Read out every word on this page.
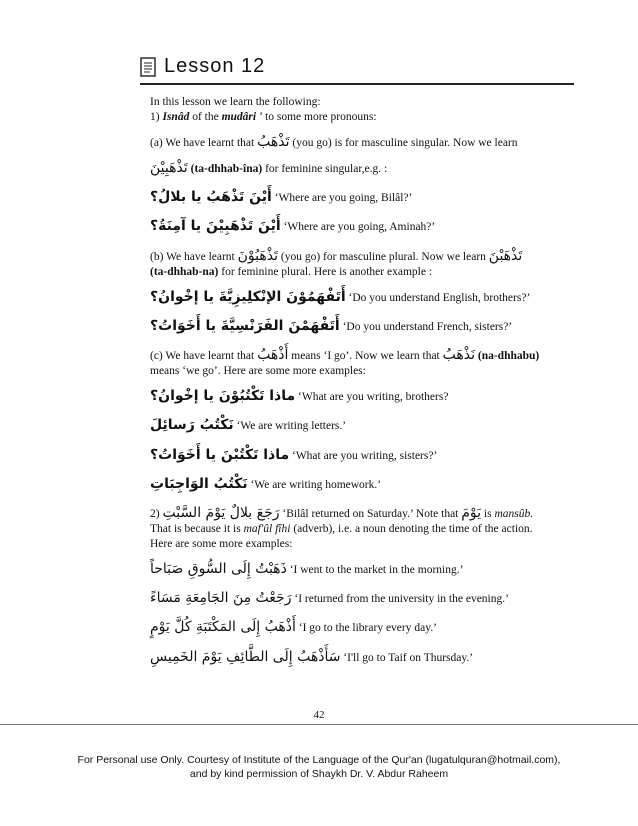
Lesson 12

In this lesson we learn the following:

1) Isnâd of the mudâri ' to some more pronouns:

(a) We have learnt that تَذْهَبُ (you go) is for masculine singular. Now we learn

تَذْهَبِيْنَ (ta-dhhab-îna) for feminine singular,e.g. :

أَيْنَ تَذْهَبُ يا بلالُ؟ ‘Where are you going, Bilâl?’

أَيْنَ تَذْهَبِيْنَ يا آمِنَةُ؟ ‘Where are you going, Aminah?’

(b) We have learnt تَذْهَبُوْنَ (you go) for masculine plural. Now we learn تَذْهَبْنَ

(ta-dhhab-na) for feminine plural. Here is another example :

أَتَفْهَمُوْنَ الإنْكلِيزِيَّةَ يا إخْوانُ؟ ‘Do you understand English, brothers?’

أَتَفْهَمْنَ الفَرَنْسِيَّةَ يا أَخَوَاتُ؟ ‘Do you understand French, sisters?’

(c) We have learnt that أَذْهَبُ means ‘I go’. Now we learn that نَذْهَبُ (na-dhhabu)

means ‘we go’. Here are some more examples:

ماذا تَكْتُبُوْنَ يا إخْوانُ؟ ‘What are you writing, brothers?

نَكْتُبُ رَسائِلَ ‘We are writing letters.’

ماذا تَكْتُبْنَ يا أَخَوَاتُ؟ ‘What are you writing, sisters?’

نَكْتُبُ الوَاجِبَاتِ ‘We are writing homework.’

2) رَجَعَ بلالٌ يَوْمَ السَّبْتِ ‘Bilâl returned on Saturday.’ Note that يَوْمَ is mansûb.

That is because it is maf'ûl fîhi (adverb), i.e. a noun denoting the time of the action.

Here are some more examples:

ذَهَبْتُ إِلَى السُّوقِ صَبَاحاً ‘I went to the market in the morning.’

رَجَعْتُ مِنَ الجَامِعَةِ مَسَاءً ‘I returned from the university in the evening.’

أَذْهَبُ إِلَى المَكْتَبَةِ كُلَّ يَوْمٍ ‘I go to the library every day.’

سَأَذْهَبُ إِلَى الطَّائِفِ يَوْمَ الخَمِيسِ ‘I'll go to Taif on Thursday.’

42
For Personal use Only. Courtesy of Institute of the Language of the Qur'an (lugatulquran@hotmail.com),
and by kind permission of Shaykh Dr. V. Abdur Raheem
